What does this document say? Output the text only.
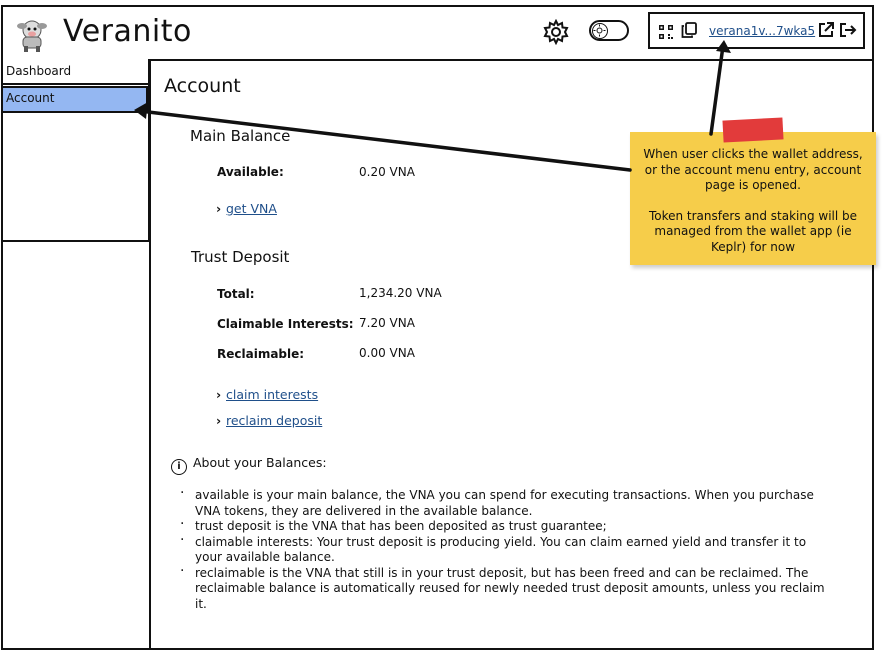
Veranito	verana1v...7wka5
Dashboard
Account
Account
Main Balance
Available:	0.20 VNA
› get VNA
Trust Deposit
Total:	1,234.20 VNA
Claimable Interests: 7.20 VNA
Reclaimable:	0.00 VNA
› claim interests
› reclaim deposit
i About your Balances:
· available is your main balance, the VNA you can spend for executing transactions. When you purchase VNA tokens, they are delivered in the available balance.
· trust deposit is the VNA that has been deposited as trust guarantee;
· claimable interests: Your trust deposit is producing yield. You can claim earned yield and transfer it to your available balance.
· reclaimable is the VNA that still is in your trust deposit, but has been freed and can be reclaimed. The reclaimable balance is automatically reused for newly needed trust deposit amounts, unless you reclaim it.

When user clicks the wallet address, or the account menu entry, account page is opened.

Token transfers and staking will be managed from the wallet app (ie Keplr) for now
